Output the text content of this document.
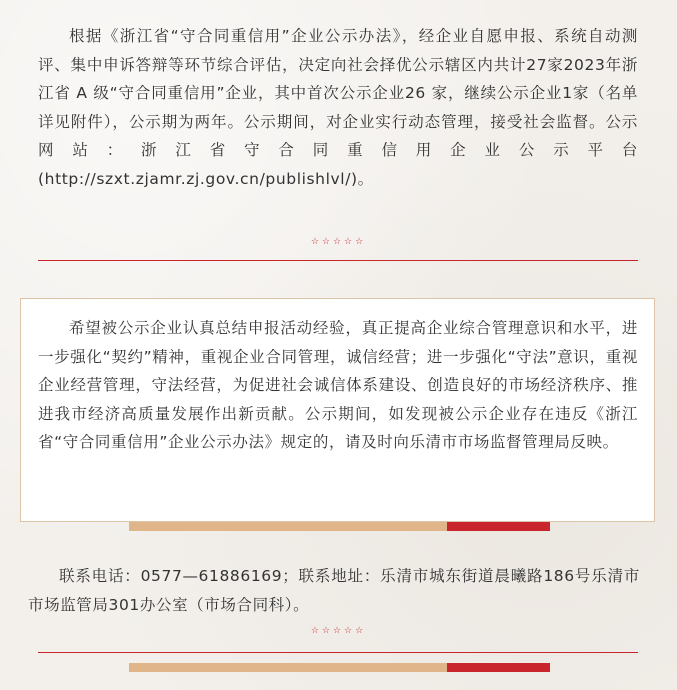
根据《浙江省“守合同重信用”企业公示办法》，经企业自愿申报、系统自动测评、集中申诉答辩等环节综合评估，决定向社会择优公示辖区内共计27家2023年浙江省 A 级“守合同重信用”企业，其中首次公示企业26 家，继续公示企业1家（名单详见附件），公示期为两年。公示期间，对企业实行动态管理，接受社会监督。公示网站：浙江省守合同重信用企业公示平台(http://szxt.zjamr.zj.gov.cn/publishlvl/)。

☆☆☆☆☆

希望被公示企业认真总结申报活动经验，真正提高企业综合管理意识和水平，进一步强化“契约”精神，重视企业合同管理，诚信经营；进一步强化“守法”意识，重视企业经营管理，守法经营，为促进社会诚信体系建设、创造良好的市场经济秩序、推进我市经济高质量发展作出新贡献。公示期间，如发现被公示企业存在违反《浙江省“守合同重信用”企业公示办法》规定的，请及时向乐清市市场监督管理局反映。

联系电话：0577—61886169；联系地址：乐清市城东街道晨曦路186号乐清市市场监管局301办公室（市场合同科）。

☆☆☆☆☆
